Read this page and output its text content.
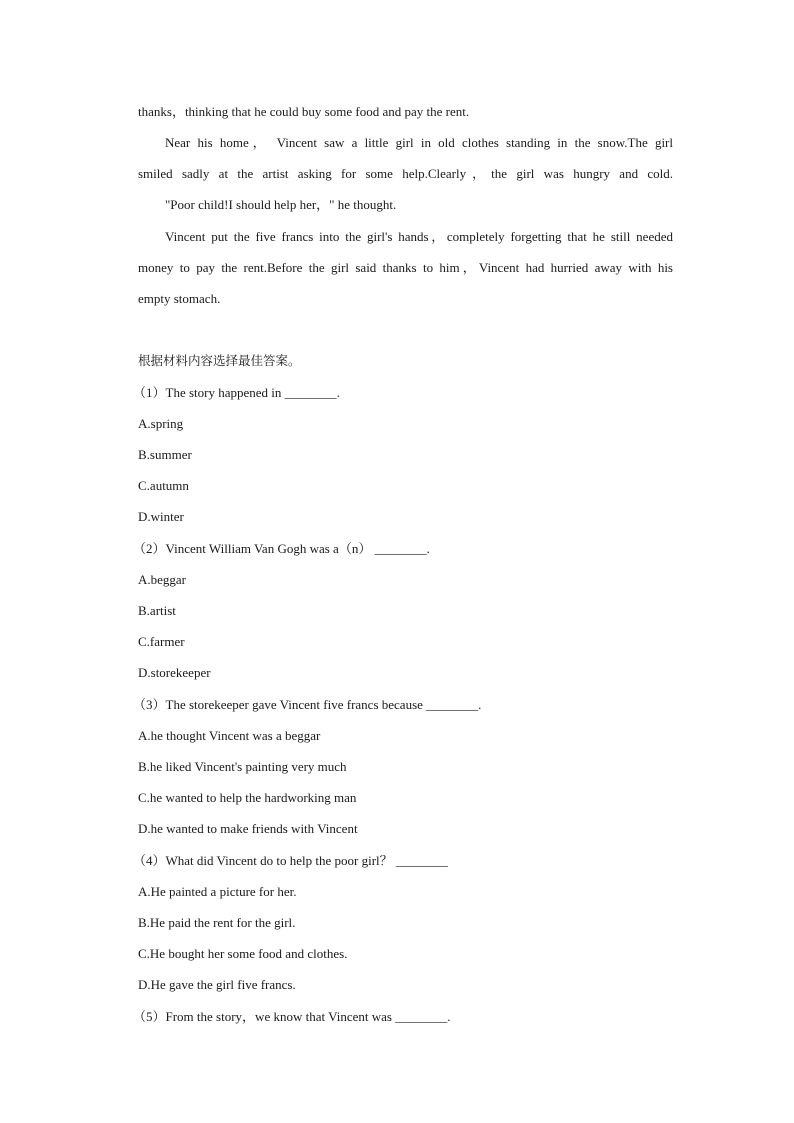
thanks，thinking that he could buy some food and pay the rent.
Near his home， Vincent saw a little girl in old clothes standing in the snow.The girl
smiled sadly at the artist asking for some help.Clearly，the girl was hungry and cold.
"Poor child!I should help her，" he thought.
Vincent put the five francs into the girl's hands，completely forgetting that he still needed
money to pay the rent.Before the girl said thanks to him，Vincent had hurried away with his
empty stomach.
根据材料内容选择最佳答案。
（1）The story happened in ________.
A.spring
B.summer
C.autumn
D.winter
（2）Vincent William Van Gogh was a（n） ________.
A.beggar
B.artist
C.farmer
D.storekeeper
（3）The storekeeper gave Vincent five francs because ________.
A.he thought Vincent was a beggar
B.he liked Vincent's painting very much
C.he wanted to help the hardworking man
D.he wanted to make friends with Vincent
（4）What did Vincent do to help the poor girl？ ________
A.He painted a picture for her.
B.He paid the rent for the girl.
C.He bought her some food and clothes.
D.He gave the girl five francs.
（5）From the story，we know that Vincent was ________.
